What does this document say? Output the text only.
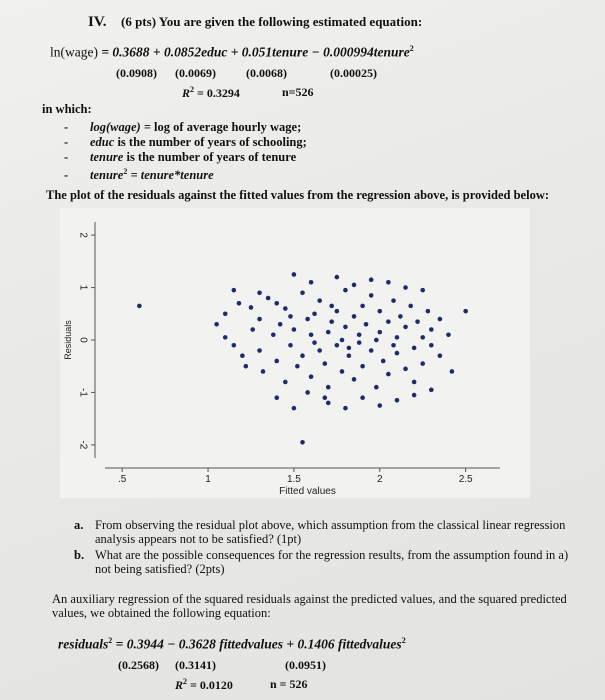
IV. (6 pts) You are given the following estimated equation:
ln(wage) = 0.3688 + 0.0852educ + 0.051tenure − 0.000994tenure$^2$
(0.0908) (0.0069)	(0.0068)	(0.00025)
$R^2 = 0.3294$	n=526
in which:
- log(wage) = log of average hourly wage;
- educ is the number of years of schooling;
- tenure is the number of years of tenure
- tenure$^2$ = tenure*tenure
The plot of the residuals against the fitted values from the regression above, is provided below:
-2
-1
0
1
2
Residuals
.5	1	1.5	2	2.5
Fitted values
a. From observing the residual plot above, which assumption from the classical linear regression analysis appears not to be satisfied? (1pt)
b. What are the possible consequences for the regression results, from the assumption found in a) not being satisfied? (2pts)
An auxiliary regression of the squared residuals against the predicted values, and the squared predicted values, we obtained the following equation:
residuals$^2$ = 0.3944 − 0.3628 fittedvalues + 0.1406 fittedvalues$^2$
(0.2568) (0.3141)	(0.0951)
$R^2 = 0.0120$	n = 526
